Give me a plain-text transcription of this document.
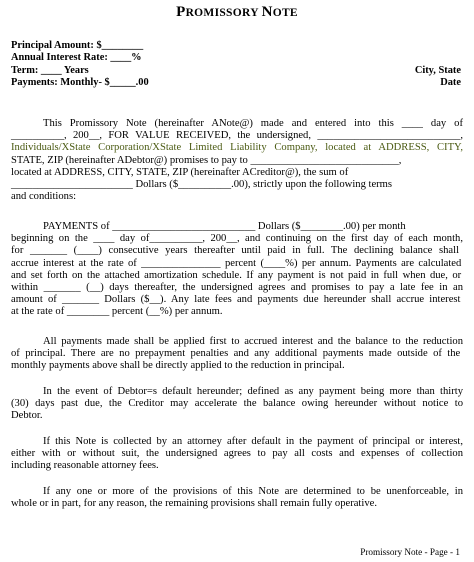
PROMISSORY NOTE
Principal Amount: $________
Annual Interest Rate: ____%
Term: ____ Years
Payments: Monthly- $_____.00
City, State
Date
This Promissory Note (hereinafter ANote@) made and entered into this ____ day of
__________, 200__, FOR VALUE RECEIVED, the undersigned, ___________________________,
Individuals/XState Corporation/XState Limited Liability Company, located at ADDRESS, CITY,
STATE, ZIP (hereinafter ADebtor@) promises to pay to ____________________________,
located at ADDRESS, CITY, STATE, ZIP (hereinafter ACreditor@), the sum of
_______________________ Dollars ($__________.00), strictly upon the following terms
and conditions:
PAYMENTS of ___________________________ Dollars ($________.00) per month
beginning on the ____ day of__________, 200__, and continuing on the first day of each month,
for _______ (____) consecutive years thereafter until paid in full. The declining balance shall
accrue interest at the rate of _______________ percent (____%) per annum. Payments are calculated
and set forth on the attached amortization schedule. If any payment is not paid in full when due, or
within _______ (__) days thereafter, the undersigned agrees and promises to pay a late fee in an
amount of _______ Dollars ($__). Any late fees and payments due hereunder shall accrue interest
at the rate of ________ percent (__%) per annum.
All payments made shall be applied first to accrued interest and the balance to the reduction
of principal. There are no prepayment penalties and any additional payments made outside of the
monthly payments above shall be directly applied to the reduction in principal.
In the event of Debtor=s default hereunder; defined as any payment being more than thirty
(30) days past due, the Creditor may accelerate the balance owing hereunder without notice to
Debtor.
If this Note is collected by an attorney after default in the payment of principal or interest,
either with or without suit, the undersigned agrees to pay all costs and expenses of collection
including reasonable attorney fees.
If any one or more of the provisions of this Note are determined to be unenforceable, in
whole or in part, for any reason, the remaining provisions shall remain fully operative.
Promissory Note - Page - 1
